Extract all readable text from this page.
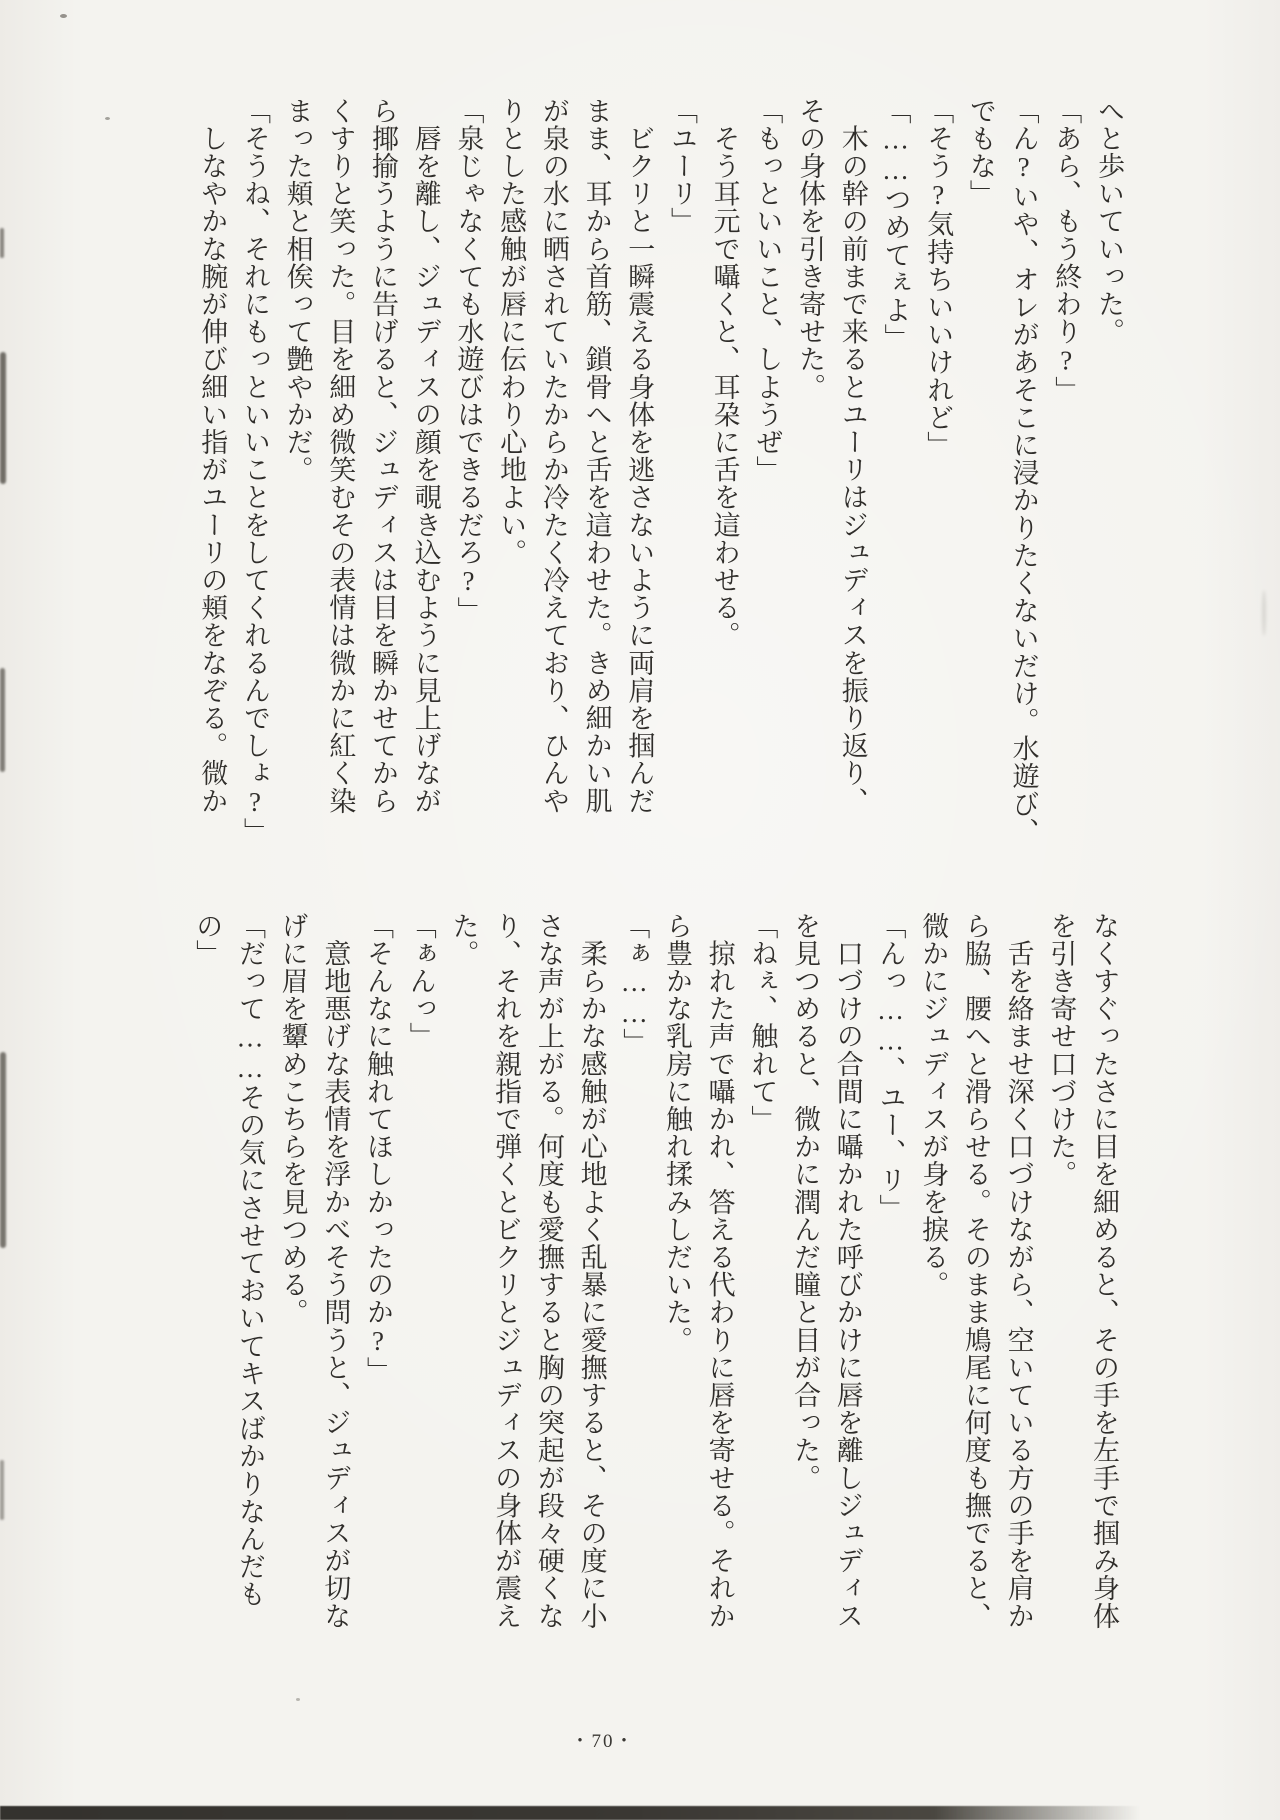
へと歩いていった。
「あら、もう終わり?」
「ん?いや、オレがあそこに浸かりたくないだけ。水遊び、
でもな」
「そう?気持ちいいけれど」
「……つめてぇよ」
　木の幹の前まで来るとユーリはジュディスを振り返り、
その身体を引き寄せた。
「もっといいこと、しようぜ」
　そう耳元で囁くと、耳朶に舌を這わせる。
「ユーリ」
　ビクリと一瞬震える身体を逃さないように両肩を掴んだ
まま、耳から首筋、鎖骨へと舌を這わせた。きめ細かい肌
が泉の水に晒されていたからか冷たく冷えており、ひんや
りとした感触が唇に伝わり心地よい。
「泉じゃなくても水遊びはできるだろ?」
　唇を離し、ジュディスの顔を覗き込むように見上げなが
ら揶揄うように告げると、ジュディスは目を瞬かせてから
くすりと笑った。目を細め微笑むその表情は微かに紅く染
まった頬と相俟って艶やかだ。
「そうね、それにもっといいことをしてくれるんでしょ?」
　しなやかな腕が伸び細い指がユーリの頬をなぞる。微か
なくすぐったさに目を細めると、その手を左手で掴み身体
を引き寄せ口づけた。
　舌を絡ませ深く口づけながら、空いている方の手を肩か
ら脇、腰へと滑らせる。そのまま鳩尾に何度も撫でると、
微かにジュディスが身を捩る。
「んっ……、ユー、リ」
　口づけの合間に囁かれた呼びかけに唇を離しジュディス
を見つめると、微かに潤んだ瞳と目が合った。
「ねぇ、触れて」
　掠れた声で囁かれ、答える代わりに唇を寄せる。それか
ら豊かな乳房に触れ揉みしだいた。
「ぁ……」
　柔らかな感触が心地よく乱暴に愛撫すると、その度に小
さな声が上がる。何度も愛撫すると胸の突起が段々硬くな
り、それを親指で弾くとビクリとジュディスの身体が震え
た。
「ぁんっ」
「そんなに触れてほしかったのか?」
　意地悪げな表情を浮かべそう問うと、ジュディスが切な
げに眉を顰めこちらを見つめる。
「だって……その気にさせておいてキスばかりなんだも
の」
・70・
